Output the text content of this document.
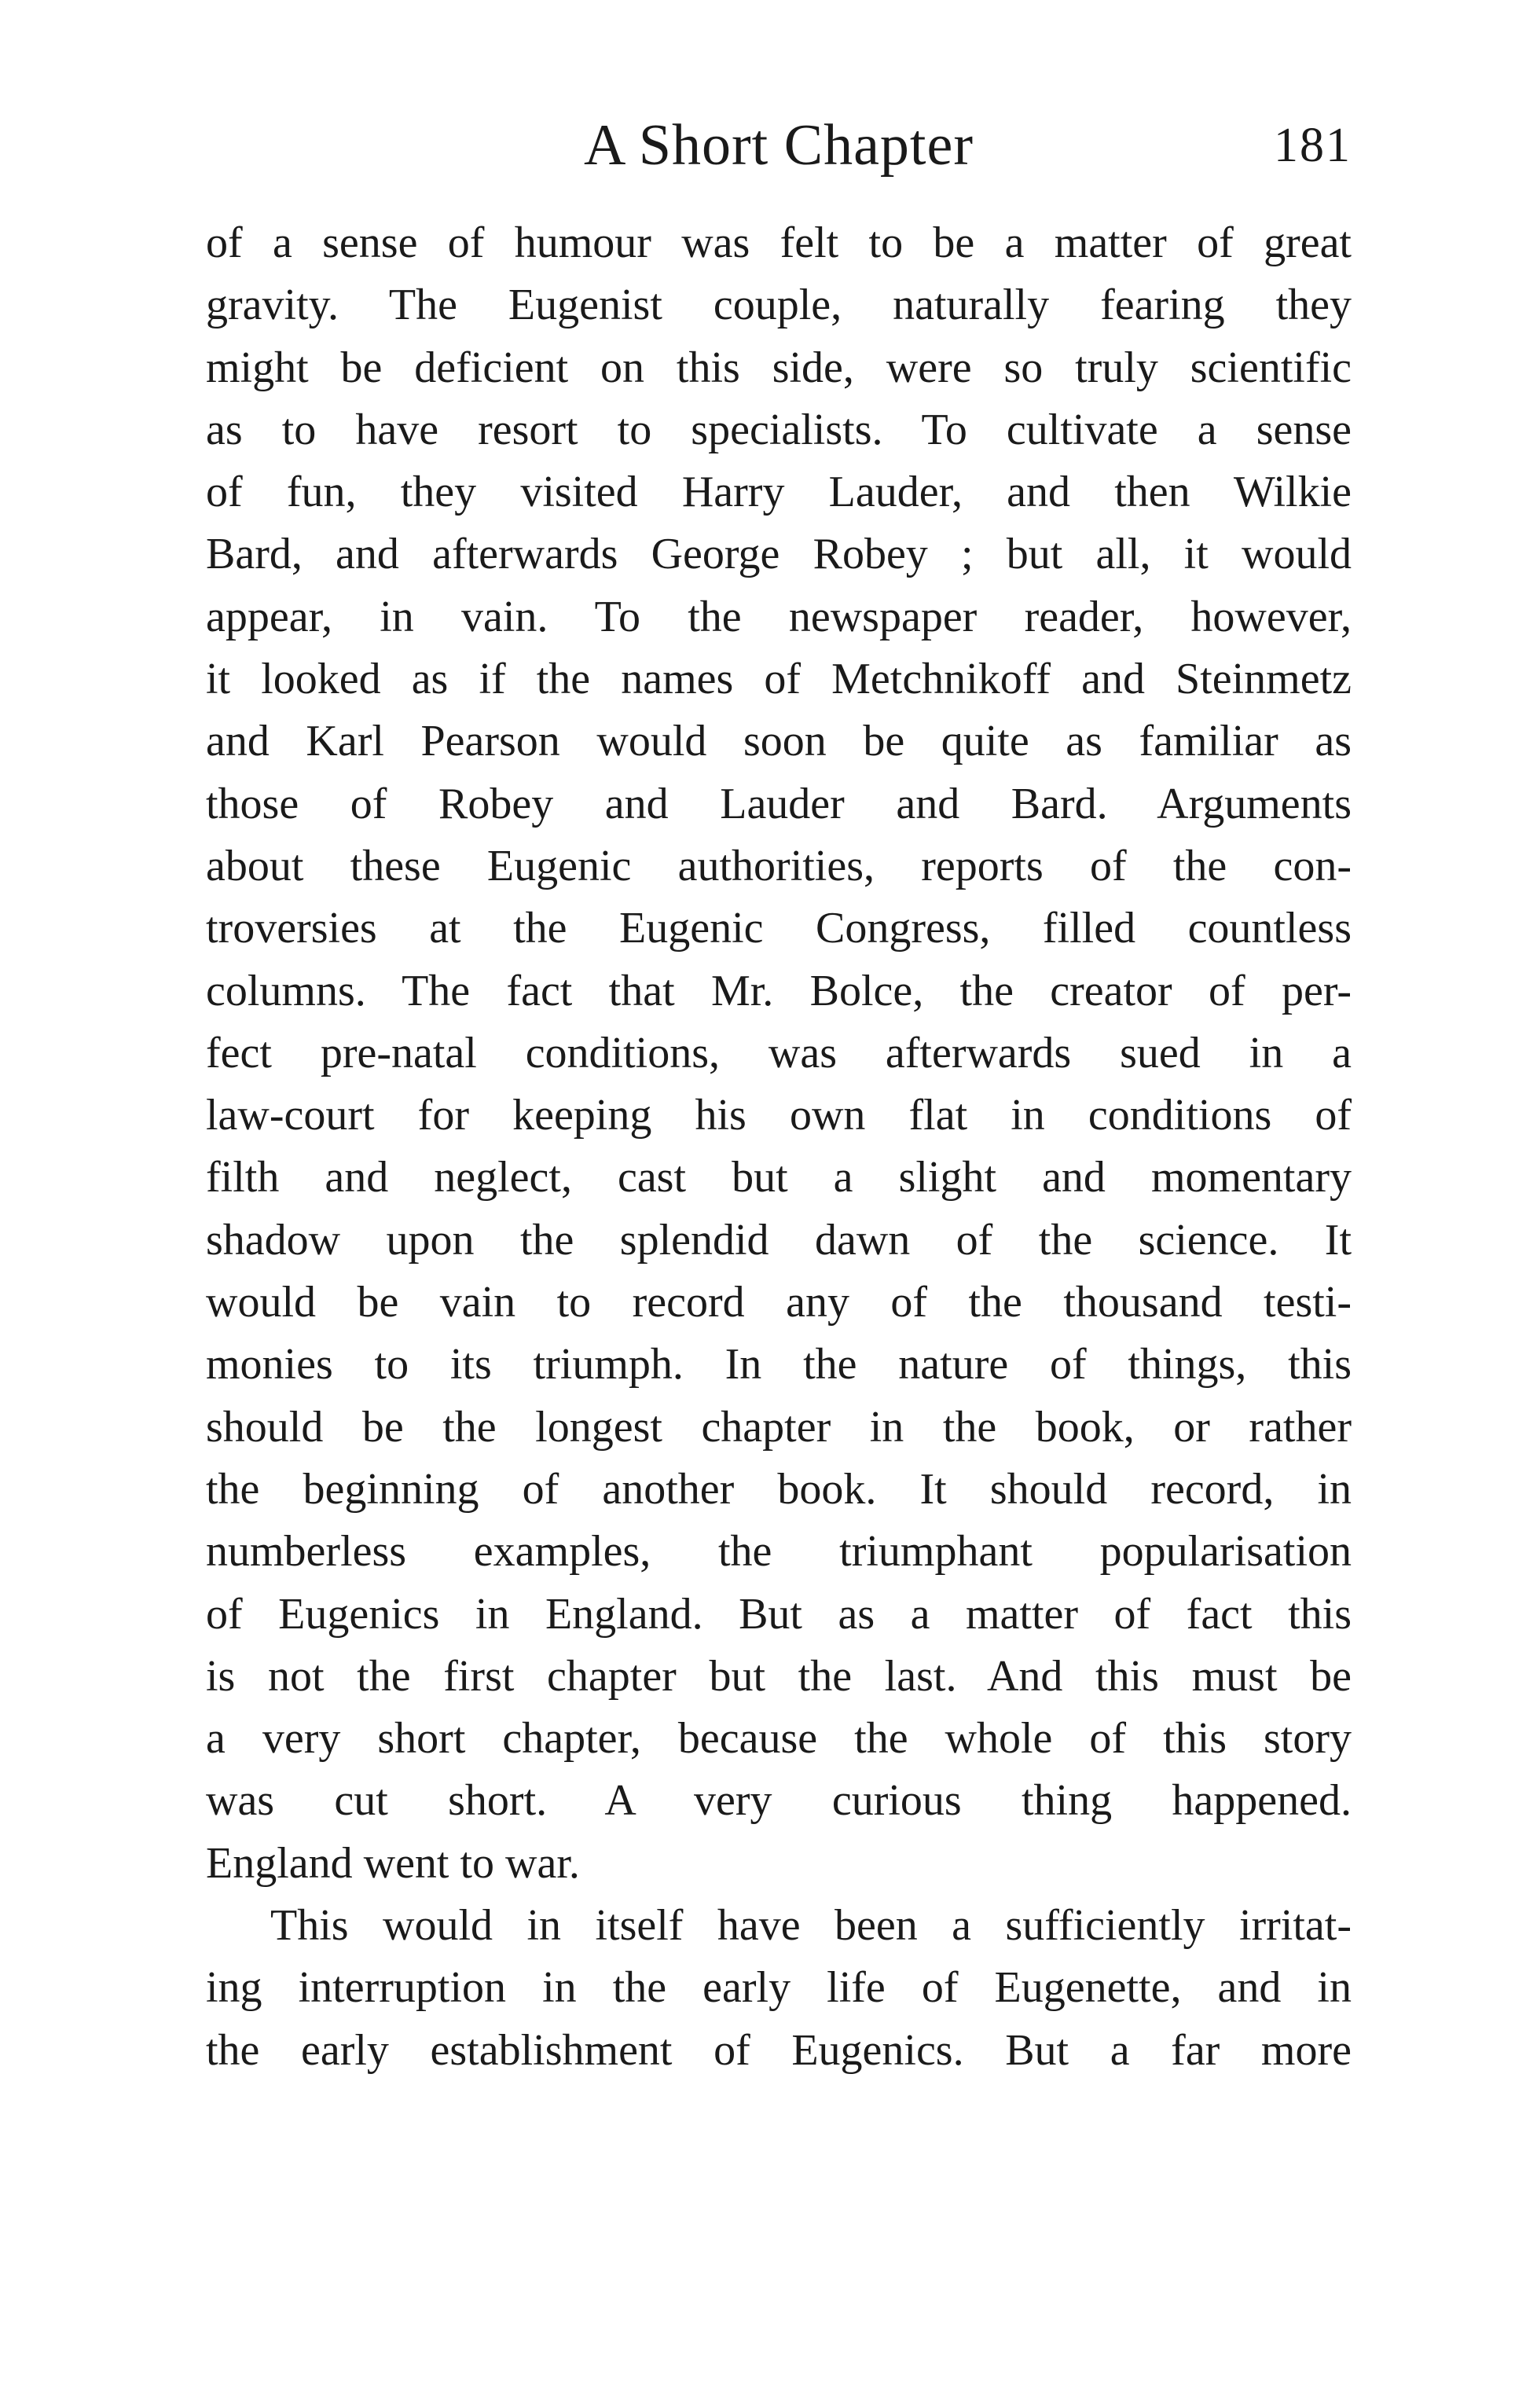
A Short Chapter	181
of a sense of humour was felt to be a matter of great
gravity. The Eugenist couple, naturally fearing they
might be deficient on this side, were so truly scientific
as to have resort to specialists. To cultivate a sense
of fun, they visited Harry Lauder, and then Wilkie
Bard, and afterwards George Robey ; but all, it would
appear, in vain. To the newspaper reader, however,
it looked as if the names of Metchnikoff and Steinmetz
and Karl Pearson would soon be quite as familiar as
those of Robey and Lauder and Bard. Arguments
about these Eugenic authorities, reports of the con-
troversies at the Eugenic Congress, filled countless
columns. The fact that Mr. Bolce, the creator of per-
fect pre-natal conditions, was afterwards sued in a
law-court for keeping his own flat in conditions of
filth and neglect, cast but a slight and momentary
shadow upon the splendid dawn of the science. It
would be vain to record any of the thousand testi-
monies to its triumph. In the nature of things, this
should be the longest chapter in the book, or rather
the beginning of another book. It should record, in
numberless examples, the triumphant popularisation
of Eugenics in England. But as a matter of fact this
is not the first chapter but the last. And this must be
a very short chapter, because the whole of this story
was cut short. A very curious thing happened.
England went to war.
This would in itself have been a sufficiently irritat-
ing interruption in the early life of Eugenette, and in
the early establishment of Eugenics. But a far more
